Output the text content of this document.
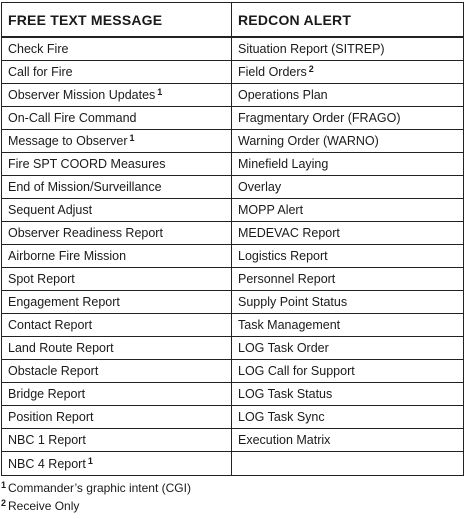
FREE TEXT MESSAGE	REDCON ALERT
Check Fire	Situation Report (SITREP)
Call for Fire	Field Orders $^2$
Observer Mission Updates $^1$	Operations Plan
On-Call Fire Command	Fragmentary Order (FRAGO)
Message to Observer $^1$	Warning Order (WARNO)
Fire SPT COORD Measures	Minefield Laying
End of Mission/Surveillance	Overlay
Sequent Adjust	MOPP Alert
Observer Readiness Report	MEDEVAC Report
Airborne Fire Mission	Logistics Report
Spot Report	Personnel Report
Engagement Report	Supply Point Status
Contact Report	Task Management
Land Route Report	LOG Task Order
Obstacle Report	LOG Call for Support
Bridge Report	LOG Task Status
Position Report	LOG Task Sync
NBC 1 Report	Execution Matrix
NBC 4 Report $^1$	
$^1$ Commander’s graphic intent (CGI)
$^2$ Receive Only
